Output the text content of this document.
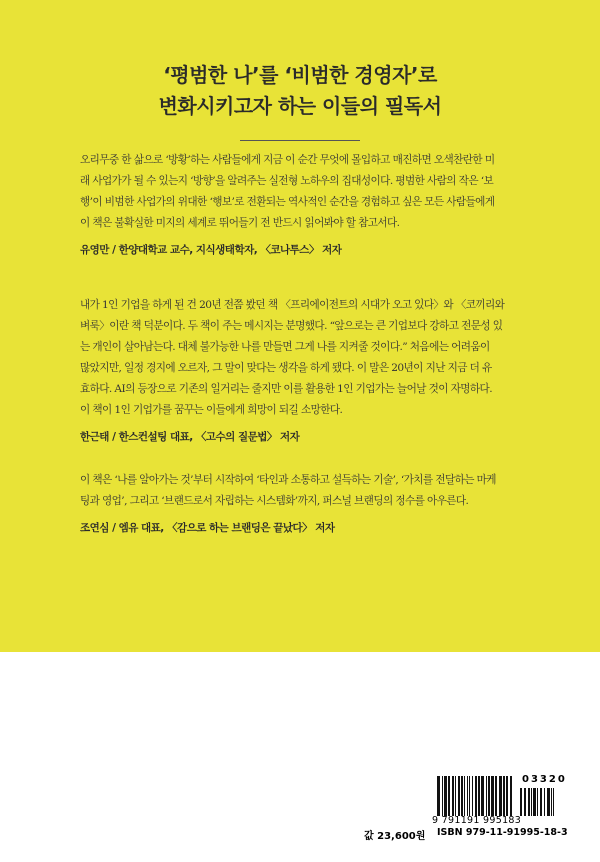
‘평범한 나’를 ‘비범한 경영자’로
변화시키고자 하는 이들의 필독서

오리무중 한 삶으로 ‘방황’하는 사람들에게 지금 이 순간 무엇에 몰입하고 매진하면 오색찬란한 미

래 사업가가 될 수 있는지 ‘방향’을 알려주는 실전형 노하우의 집대성이다. 평범한 사람의 작은 ‘보

행’이 비범한 사업가의 위대한 ‘행보’로 전환되는 역사적인 순간을 경험하고 싶은 모든 사람들에게

이 책은 불확실한 미지의 세계로 뛰어들기 전 반드시 읽어봐야 할 참고서다.

유영만 / 한양대학교 교수, 지식생태학자, 〈코나투스〉 저자

내가 1인 기업을 하게 된 건 20년 전쯤 봤던 책 〈프리에이전트의 시대가 오고 있다〉와 〈코끼리와

벼룩〉이란 책 덕분이다. 두 책이 주는 메시지는 분명했다. “앞으로는 큰 기업보다 강하고 전문성 있

는 개인이 살아남는다. 대체 불가능한 나를 만들면 그게 나를 지켜줄 것이다.” 처음에는 어려움이

많았지만, 일정 경지에 오르자, 그 말이 맞다는 생각을 하게 됐다. 이 말은 20년이 지난 지금 더 유

효하다. AI의 등장으로 기존의 일거리는 줄지만 이를 활용한 1인 기업가는 늘어날 것이 자명하다.

이 책이 1인 기업가를 꿈꾸는 이들에게 희망이 되길 소망한다.

한근태 / 한스컨설팅 대표, 〈고수의 질문법〉 저자

이 책은 ‘나를 알아가는 것’부터 시작하여 ‘타인과 소통하고 설득하는 기술’, ‘가치를 전달하는 마케

팅과 영업’, 그리고 ‘브랜드로서 자립하는 시스템화’까지, 퍼스널 브랜딩의 정수를 아우른다.

조연심 / 엠유 대표, 〈감으로 하는 브랜딩은 끝났다〉 저자

값 23,600원
03320
9 791191 995183
ISBN 979-11-91995-18-3
